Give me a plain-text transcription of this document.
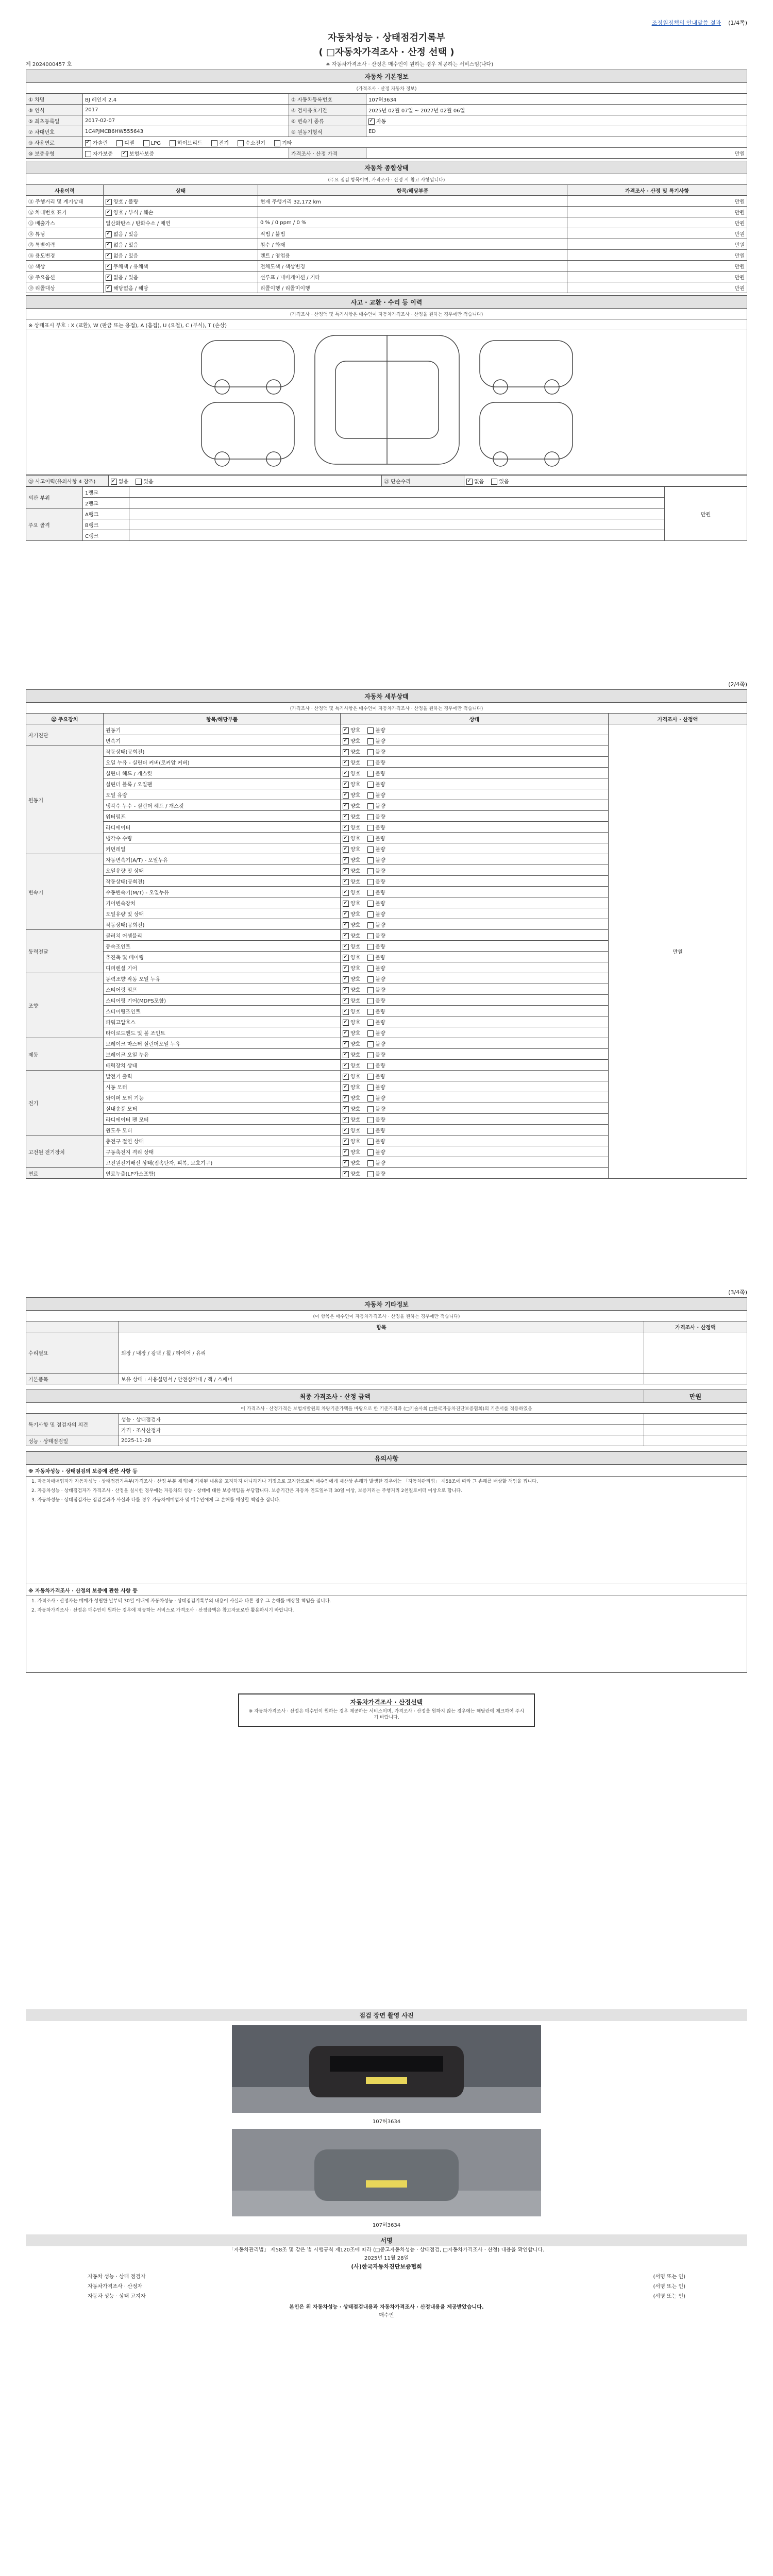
조정원정책의 안내말씀 결과 (1/4쪽)
자동차성능 · 상태점검기록부
( □자동차가격조사 · 산정 선택 )
제 2024000457 호	※ 자동차가격조사 · 산정은 매수인이 원하는 경우 제공하는 서비스임(나다)
자동차 기본정보			
(가격조사 · 산정 자동차 정보)			
① 차명	BJ 레인지 2.4	② 자동차등록번호	107허3634
③ 연식	2017	④ 검사유효기간	2025년 02월 07일 ~ 2027년 02월 06일
⑤ 최초등록일	2017-02-07	⑥ 변속기 종류	✓자동
⑦ 차대번호	1C4PJMCB6HW555643	⑧ 원동기형식	ED
⑨ 사용연료	✓가솔린 디젤 LPG 하이브리드 전기 수소전기 기타
⑩ 보증유형	자가보증 ✓ 보험사보증	가격조사 · 산정 가격	만원
자동차 종합상태			
(주요 점검 항목이며, 가격조사 · 산정 시 참고 사항입니다)			
사용이력	상태	항목/해당부품	가격조사 · 산정 및 특기사항
⑪ 주행거리 및 계기상태	✓양호 / 불량	현재 주행거리 32,172 km	만원
⑫ 차대번호 표기	✓양호 / 부식 / 훼손		만원
⑬ 배출가스	일산화탄소 / 탄화수소 / 매연	0 % / 0 ppm / 0 %	만원
⑭ 튜닝	✓없음 / 있음	적법 / 불법	만원
⑮ 특별이력	✓없음 / 있음	침수 / 화재	만원
⑯ 용도변경	✓없음 / 있음	렌트 / 영업용	만원
⑰ 색상	✓무채색 / 유채색	전체도색 / 색상변경	만원
⑱ 주요옵션	✓없음 / 있음	선루프 / 내비게이션 / 기타	만원
⑲ 리콜대상	✓해당없음 / 해당	리콜이행 / 리콜미이행	만원
사고 · 교환 · 수리 등 이력
(가격조사 · 산정액 및 특기사항은 매수인이 자동차가격조사 · 산정을 원하는 경우에만 적습니다)
※ 상태표시 부호 : X (교환), W (판금 또는 용접), A (흠집), U (요철), C (부식), T (손상)
⑳ 사고이력(유의사항 4 참조)	✓없음	있음	㉑ 단순수리	✓없음	있음
외판 부위	1랭크		만원
	2랭크		
주요 골격	A랭크		
	B랭크		
	C랭크		
(2/4쪽)
자동차 세부상태			
(가격조사 · 산정액 및 특기사항은 매수인이 자동차가격조사 · 산정을 원하는 경우에만 적습니다)			
㉒ 주요장치	항목/해당부품	상태	가격조사 · 산정액
자기진단	원동기	✓양호 불량	만원
	변속기	✓양호 불량
원동기	작동상태(공회전)	✓양호 불량
	오일 누유 - 실린더 커버(로커암 커버)	✓양호 불량
	실린더 헤드 / 개스킷	✓양호 불량
	실린더 블록 / 오일팬	✓양호 불량
	오일 유량	✓양호 불량
	냉각수 누수 - 실린더 헤드 / 개스킷	✓양호 불량
	워터펌프	✓양호 불량
	라디에이터	✓양호 불량
	냉각수 수량	✓양호 불량
	커먼레일	✓양호 불량
변속기	자동변속기(A/T) - 오일누유	✓양호 불량
	오일유량 및 상태	✓양호 불량
	작동상태(공회전)	✓양호 불량
	수동변속기(M/T) - 오일누유	✓양호 불량
	기어변속장치	✓양호 불량
	오일유량 및 상태	✓양호 불량
	작동상태(공회전)	✓양호 불량
동력전달	클러치 어셈블리	✓양호 불량
	등속조인트	✓양호 불량
	추진축 및 베어링	✓양호 불량
	디퍼렌셜 기어	✓양호 불량
조향	동력조향 작동 오일 누유	✓양호 불량
	스티어링 펌프	✓양호 불량
	스티어링 기어(MDPS포함)	✓양호 불량
	스티어링조인트	✓양호 불량
	파워고압호스	✓양호 불량
	타이로드엔드 및 볼 조인트	✓양호 불량
제동	브레이크 마스터 실린더오일 누유	✓양호 불량
	브레이크 오일 누유	✓양호 불량
	배력장치 상태	✓양호 불량
전기	발전기 출력	✓양호 불량
	시동 모터	✓양호 불량
	와이퍼 모터 기능	✓양호 불량
	실내송풍 모터	✓양호 불량
	라디에이터 팬 모터	✓양호 불량
	윈도우 모터	✓양호 불량
고전원 전기장치	충전구 절연 상태	✓양호 불량
	구동축전지 격리 상태	✓양호 불량
	고전원전기배선 상태(접속단자, 피복, 보호기구)	✓양호 불량
연료	연료누출(LP가스포함)	✓양호 불량
(3/4쪽)
자동차 기타정보		
(이 항목은 매수인이 자동차가격조사 · 산정을 원하는 경우에만 적습니다)		
	항목	가격조사 · 산정액
수리필요	외장 / 내장 / 광택 / 휠 / 타이어 / 유리	
기본품목	보유 상태 : 사용설명서 / 안전삼각대 / 잭 / 스패너	
최종 가격조사 · 산정 금액		만원
이 가격조사 · 산정가격은 보험개발원의 차량기준가액을 바탕으로 한 기준가격과 (□기술사회 □한국자동차진단보증협회)의 기준서를 적용하였음		
특기사항 및 점검자의 의견	성능 · 상태점검자	
	가격 · 조사산정자	
성능 · 상태점검일	2025-11-28	
유의사항
※ 자동차성능 · 상태점검의 보증에 관한 사항 등

1. 자동차매매업자가 자동차성능 · 상태점검기록부(가격조사 · 산정 부분 제외)에 기재된 내용을 고지하지 아니하거나 거짓으로 고지함으로써 매수인에게 재산상 손해가 발생한 경우에는 「자동차관리법」 제58조에 따라 그 손해를 배상할 책임을 집니다.
2. 자동차성능 · 상태점검자가 가격조사 · 산정을 실시한 경우에는 자동차의 성능 · 상태에 대한 보증책임을 부담합니다. 보증기간은 자동차 인도일부터 30일 이상, 보증거리는 주행거리 2천킬로미터 이상으로 합니다.
3. 자동차성능 · 상태점검자는 점검결과가 사실과 다를 경우 자동차매매업자 및 매수인에게 그 손해를 배상할 책임을 집니다.

※ 자동차가격조사 · 산정의 보증에 관한 사항 등

1. 가격조사 · 산정자는 매매가 성립한 날부터 30일 이내에 자동차성능 · 상태점검기록부의 내용이 사실과 다른 경우 그 손해를 배상할 책임을 집니다.
2. 자동차가격조사 · 산정은 매수인이 원하는 경우에 제공하는 서비스로 가격조사 · 산정금액은 참고자료로만 활용하시기 바랍니다.
자동차가격조사 · 산정선택
※ 자동차가격조사 · 산정은 매수인이 원하는 경우 제공하는 서비스이며, 가격조사 · 산정을 원하지 않는 경우에는 해당란에 체크하여 주시기 바랍니다.
점검 장면 촬영 사진
107허3634
107허3634
서명
「자동차관리법」 제58조 및 같은 법 시행규칙 제120조에 따라 (□중고자동차성능 · 상태점검, □자동차가격조사 · 산정) 내용을 확인합니다.
2025년 11월 28일
(사)한국자동차진단보증협회
자동차 성능 · 상태 점검자	(서명 또는 인)
자동차가격조사 · 산정자	(서명 또는 인)
자동차 성능 · 상태 고지자	(서명 또는 인)
본인은 위 자동차성능 · 상태점검내용과 자동차가격조사 · 산정내용을 제공받았습니다.
매수인
